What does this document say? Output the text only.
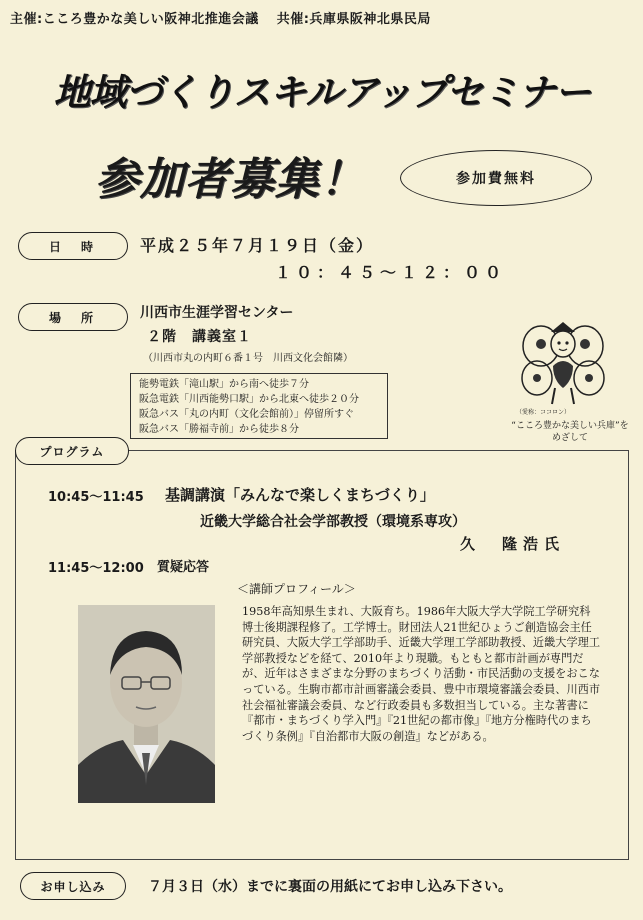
主催:こころ豊かな美しい阪神北推進会議 共催:兵庫県阪神北県民局
地域づくりスキルアップセミナー
参加者募集！	参加費無料
日　時	平成２５年７月１９日（金）
１０：４５～１２：００
場　所	川西市生涯学習センター
２階　講義室１
（川西市丸の内町６番１号　川西文化会館隣）
能勢電鉄「滝山駅」から南へ徒歩７分
阪急電鉄「川西能勢口駅」から北東へ徒歩２０分
阪急バス「丸の内町（文化会館前）」停留所すぐ
阪急バス「勝福寺前」から徒歩８分
（愛称：ココロン）
“こころ豊かな美しい兵庫”を
めざして
プログラム
10:45～11:45 基調講演「みんなで楽しくまちづくり」
近畿大学総合社会学部教授（環境系専攻）
久　隆浩氏
11:45～12:00 質疑応答
＜講師プロフィール＞
1958年高知県生まれ、大阪育ち。1986年大阪大学大学院工学研究科博士後期課程修了。工学博士。財団法人21世紀ひょうご創造協会主任研究員、大阪大学工学部助手、近畿大学理工学部助教授、近畿大学理工学部教授などを経て、2010年より現職。もともと都市計画が専門だが、近年はさまざまな分野のまちづくり活動・市民活動の支援をおこなっている。生駒市都市計画審議会委員、豊中市環境審議会委員、川西市社会福祉審議会委員、など行政委員も多数担当している。主な著書に『都市・まちづくり学入門』『21世紀の都市像』『地方分権時代のまちづくり条例』『自治都市大阪の創造』などがある。
お申し込み	７月３日（水）までに裏面の用紙にてお申し込み下さい。
